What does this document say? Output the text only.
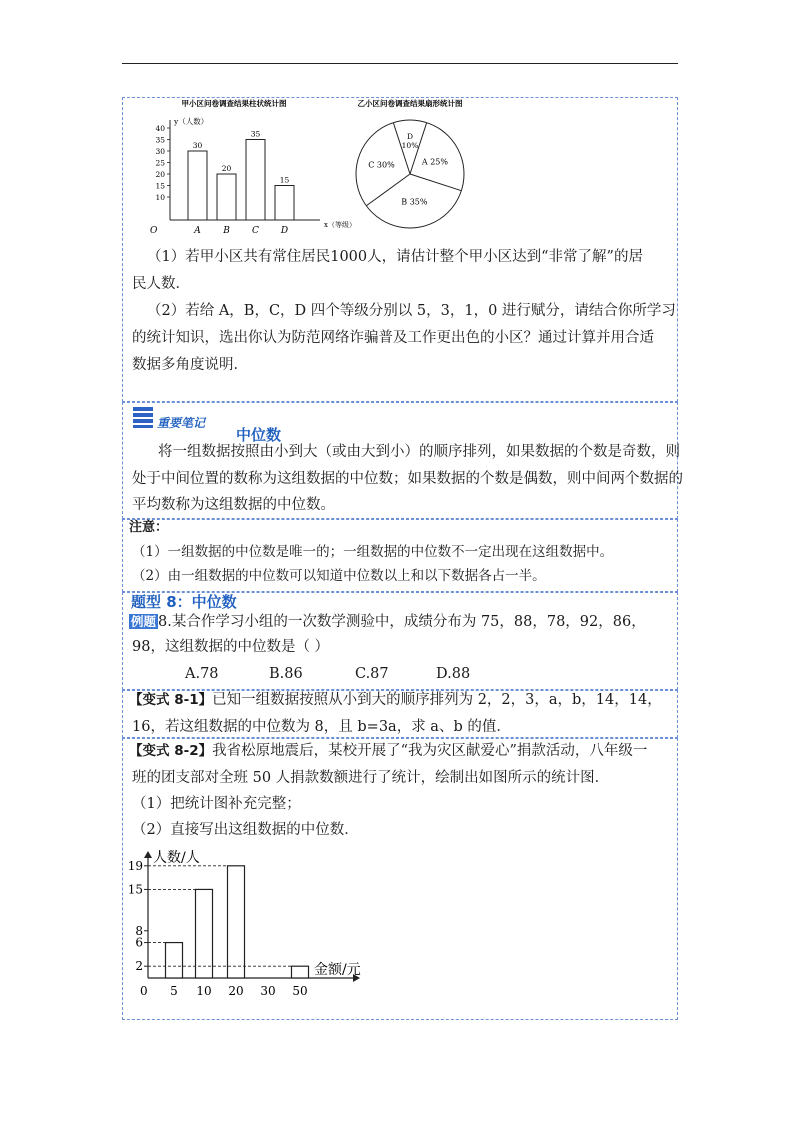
甲小区问卷调查结果柱状统计图
y（人数）
x（等级）
O
10
15
20
25
30
35
40
30
A
20
B
35
C
15
D
乙小区问卷调查结果扇形统计图
A 25%
B 35%
C 30%
D
10%
（1）若甲小区共有常住居民1000人，请估计整个甲小区达到“非常了解”的居
民人数．
（2）若给 A，B，C，D 四个等级分别以 5，3，1，0 进行赋分，请结合你所学习
的统计知识，选出你认为防范网络诈骗普及工作更出色的小区？通过计算并用合适
数据多角度说明．
重要笔记
中位数
将一组数据按照由小到大（或由大到小）的顺序排列，如果数据的个数是奇数，则
处于中间位置的数称为这组数据的中位数；如果数据的个数是偶数，则中间两个数据的
平均数称为这组数据的中位数。
注意：
（1）一组数据的中位数是唯一的；一组数据的中位数不一定出现在这组数据中。
（2）由一组数据的中位数可以知道中位数以上和以下数据各占一半。
题型 8：中位数
例题 8.某合作学习小组的一次数学测验中，成绩分布为 75，88，78，92，86，
98，这组数据的中位数是（ ）
A.78	B.86	C.87	D.88
【变式 8-1】已知一组数据按照从小到大的顺序排列为 2，2，3，a，b，14，14，
16，若这组数据的中位数为 8，且 b=3a，求 a、b 的值．
【变式 8-2】我省松原地震后，某校开展了“我为灾区献爱心”捐款活动，八年级一
班的团支部对全班 50 人捐款数额进行了统计，绘制出如图所示的统计图．
（1）把统计图补充完整；
（2）直接写出这组数据的中位数．
人数/人
金额/元
0
2
6
8
15
19
5 10 20 30 50
